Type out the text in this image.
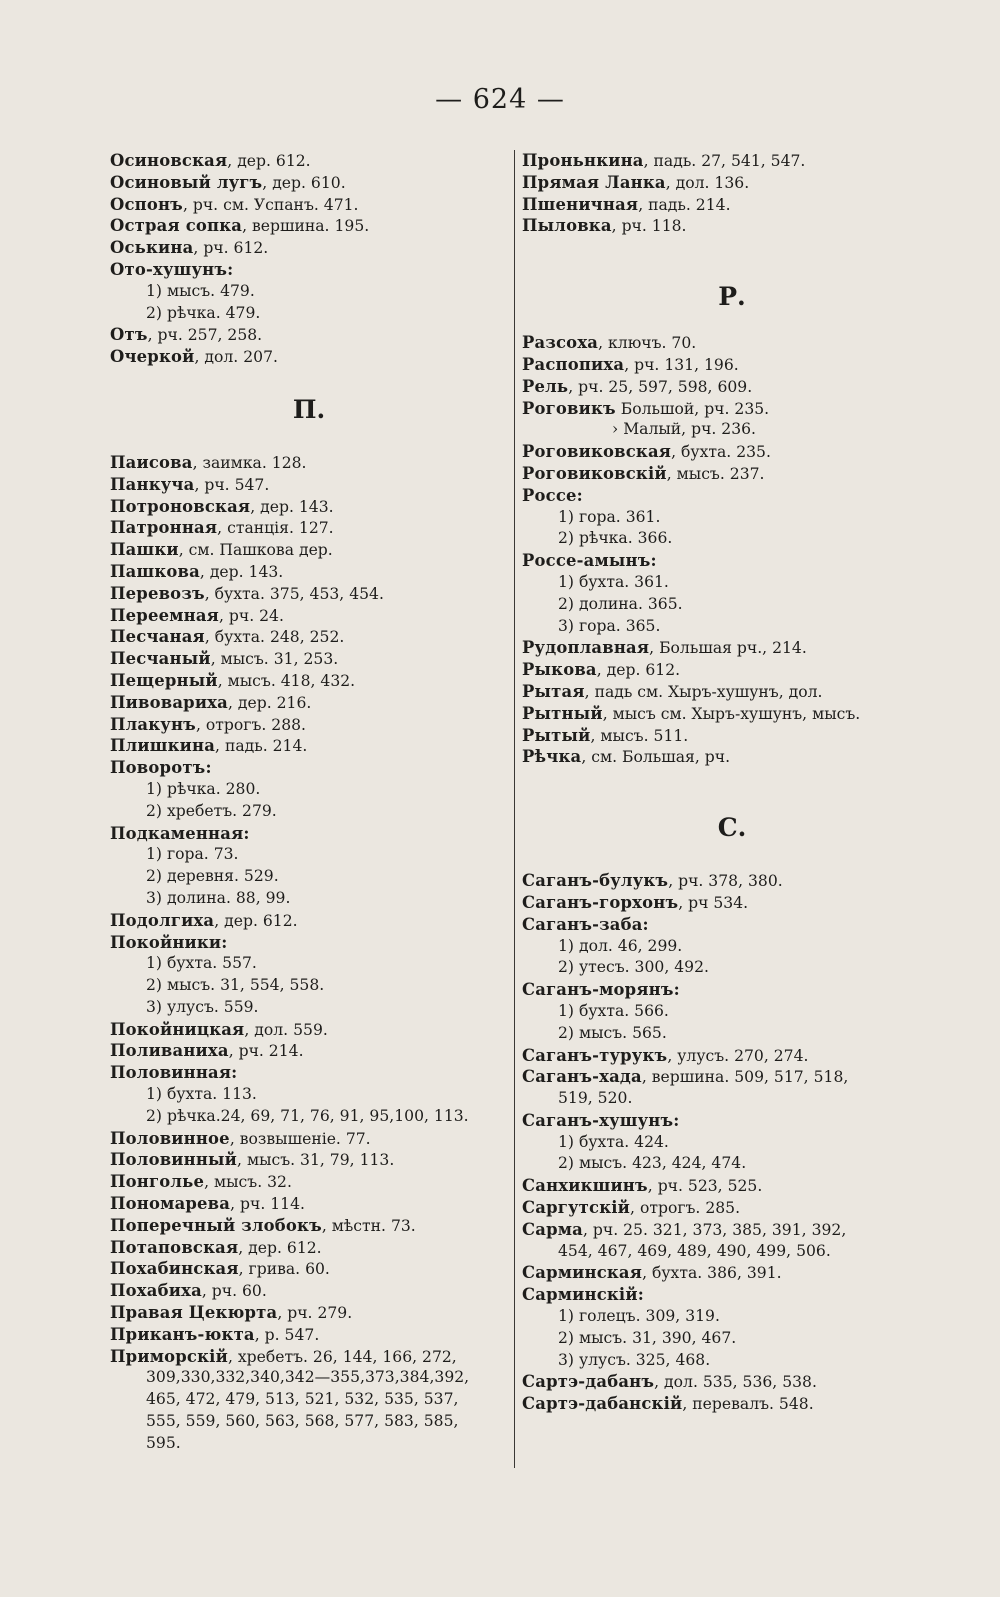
— 624 —
Осиновская, дер. 612.
Осиновый лугъ, дер. 610.
Оспонъ, рч. см. Успанъ. 471.
Острая сопка, вершина. 195.
Оськина, рч. 612.
Ото-хушунъ:
1) мысъ. 479.
2) рѣчка. 479.
Отъ, рч. 257, 258.
Очеркой, дол. 207.
П.
Паисова, заимка. 128.
Панкуча, рч. 547.
Потроновская, дер. 143.
Патронная, станція. 127.
Пашки, см. Пашкова дер.
Пашкова, дер. 143.
Перевозъ, бухта. 375, 453, 454.
Переемная, рч. 24.
Песчаная, бухта. 248, 252.
Песчаный, мысъ. 31, 253.
Пещерный, мысъ. 418, 432.
Пивовариха, дер. 216.
Плакунъ, отрогъ. 288.
Плишкина, падь. 214.
Поворотъ:
1) рѣчка. 280.
2) хребетъ. 279.
Подкаменная:
1) гора. 73.
2) деревня. 529.
3) долина. 88, 99.
Подолгиха, дер. 612.
Покойники:
1) бухта. 557.
2) мысъ. 31, 554, 558.
3) улусъ. 559.
Покойницкая, дол. 559.
Поливаниха, рч. 214.
Половинная:
1) бухта. 113.
2) рѣчка.24, 69, 71, 76, 91, 95,100, 113.
Половинное, возвышеніе. 77.
Половинный, мысъ. 31, 79, 113.
Понголье, мысъ. 32.
Пономарева, рч. 114.
Поперечный злобокъ, мѣстн. 73.
Потаповская, дер. 612.
Похабинская, грива. 60.
Похабиха, рч. 60.
Правая Цекюрта, рч. 279.
Приканъ-юкта, р. 547.
Приморскій, хребетъ. 26, 144, 166, 272,
309,330,332,340,342—355,373,384,392,
465, 472, 479, 513, 521, 532, 535, 537,
555, 559, 560, 563, 568, 577, 583, 585,
595.
Проньнкина, падь. 27, 541, 547.
Прямая Ланка, дол. 136.
Пшеничная, падь. 214.
Пыловка, рч. 118.
Р.
Разсоха, ключъ. 70.
Распопиха, рч. 131, 196.
Рель, рч. 25, 597, 598, 609.
Роговикъ Большой, рч. 235.
› Малый, рч. 236.
Роговиковская, бухта. 235.
Роговиковскій, мысъ. 237.
Россе:
1) гора. 361.
2) рѣчка. 366.
Россе-амынъ:
1) бухта. 361.
2) долина. 365.
3) гора. 365.
Рудоплавная, Большая рч., 214.
Рыкова, дер. 612.
Рытая, падь см. Хыръ-хушунъ, дол.
Рытный, мысъ см. Хыръ-хушунъ, мысъ.
Рытый, мысъ. 511.
Рѣчка, см. Большая, рч.
С.
Саганъ-булукъ, рч. 378, 380.
Саганъ-горхонъ, рч 534.
Саганъ-заба:
1) дол. 46, 299.
2) утесъ. 300, 492.
Саганъ-морянъ:
1) бухта. 566.
2) мысъ. 565.
Саганъ-турукъ, улусъ. 270, 274.
Саганъ-хада, вершина. 509, 517, 518,
519, 520.
Саганъ-хушунъ:
1) бухта. 424.
2) мысъ. 423, 424, 474.
Санхикшинъ, рч. 523, 525.
Саргутскій, отрогъ. 285.
Сарма, рч. 25. 321, 373, 385, 391, 392,
454, 467, 469, 489, 490, 499, 506.
Сарминская, бухта. 386, 391.
Сарминскій:
1) голецъ. 309, 319.
2) мысъ. 31, 390, 467.
3) улусъ. 325, 468.
Сартэ-дабанъ, дол. 535, 536, 538.
Сартэ-дабанскій, перевалъ. 548.
